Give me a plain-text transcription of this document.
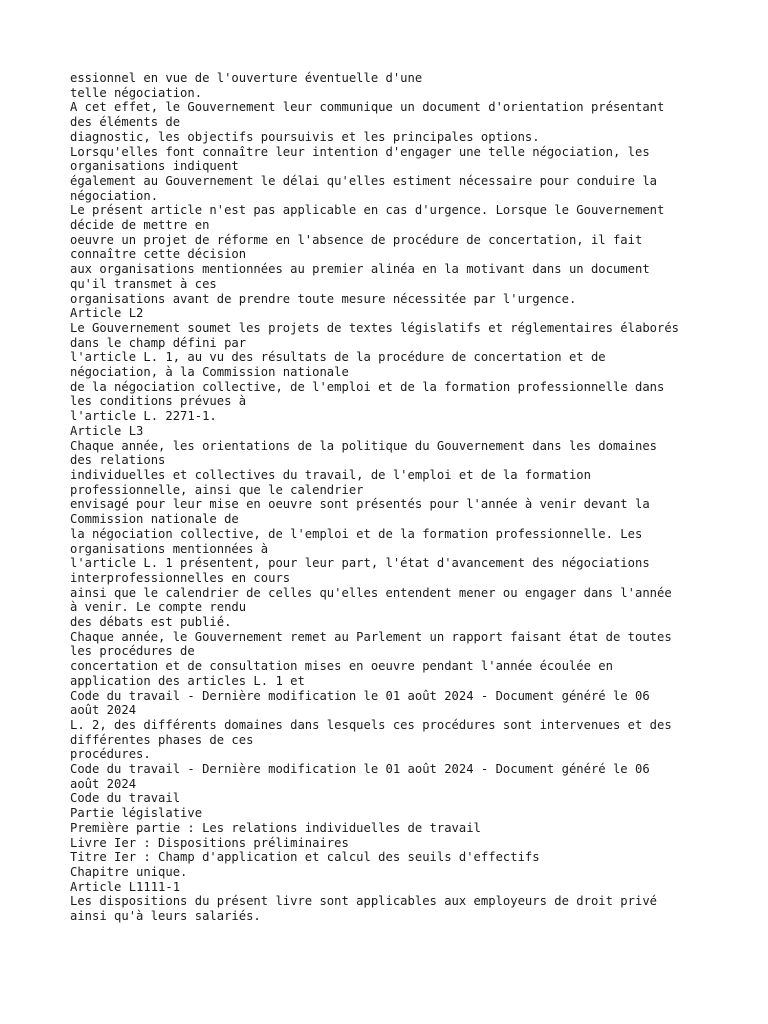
essionnel en vue de l'ouverture éventuelle d'une
telle négociation.
A cet effet, le Gouvernement leur communique un document d'orientation présentant
des éléments de
diagnostic, les objectifs poursuivis et les principales options.
Lorsqu'elles font connaître leur intention d'engager une telle négociation, les
organisations indiquent
également au Gouvernement le délai qu'elles estiment nécessaire pour conduire la
négociation.
Le présent article n'est pas applicable en cas d'urgence. Lorsque le Gouvernement
décide de mettre en
oeuvre un projet de réforme en l'absence de procédure de concertation, il fait
connaître cette décision
aux organisations mentionnées au premier alinéa en la motivant dans un document
qu'il transmet à ces
organisations avant de prendre toute mesure nécessitée par l'urgence.
Article L2
Le Gouvernement soumet les projets de textes législatifs et réglementaires élaborés
dans le champ défini par
l'article L. 1, au vu des résultats de la procédure de concertation et de
négociation, à la Commission nationale
de la négociation collective, de l'emploi et de la formation professionnelle dans
les conditions prévues à
l'article L. 2271-1.
Article L3
Chaque année, les orientations de la politique du Gouvernement dans les domaines
des relations
individuelles et collectives du travail, de l'emploi et de la formation
professionnelle, ainsi que le calendrier
envisagé pour leur mise en oeuvre sont présentés pour l'année à venir devant la
Commission nationale de
la négociation collective, de l'emploi et de la formation professionnelle. Les
organisations mentionnées à
l'article L. 1 présentent, pour leur part, l'état d'avancement des négociations
interprofessionnelles en cours
ainsi que le calendrier de celles qu'elles entendent mener ou engager dans l'année
à venir. Le compte rendu
des débats est publié.
Chaque année, le Gouvernement remet au Parlement un rapport faisant état de toutes
les procédures de
concertation et de consultation mises en oeuvre pendant l'année écoulée en
application des articles L. 1 et
Code du travail - Dernière modification le 01 août 2024 - Document généré le 06
août 2024
L. 2, des différents domaines dans lesquels ces procédures sont intervenues et des
différentes phases de ces
procédures.
Code du travail - Dernière modification le 01 août 2024 - Document généré le 06
août 2024
Code du travail
Partie législative
Première partie : Les relations individuelles de travail
Livre Ier : Dispositions préliminaires
Titre Ier : Champ d'application et calcul des seuils d'effectifs
Chapitre unique.
Article L1111-1
Les dispositions du présent livre sont applicables aux employeurs de droit privé
ainsi qu'à leurs salariés.
